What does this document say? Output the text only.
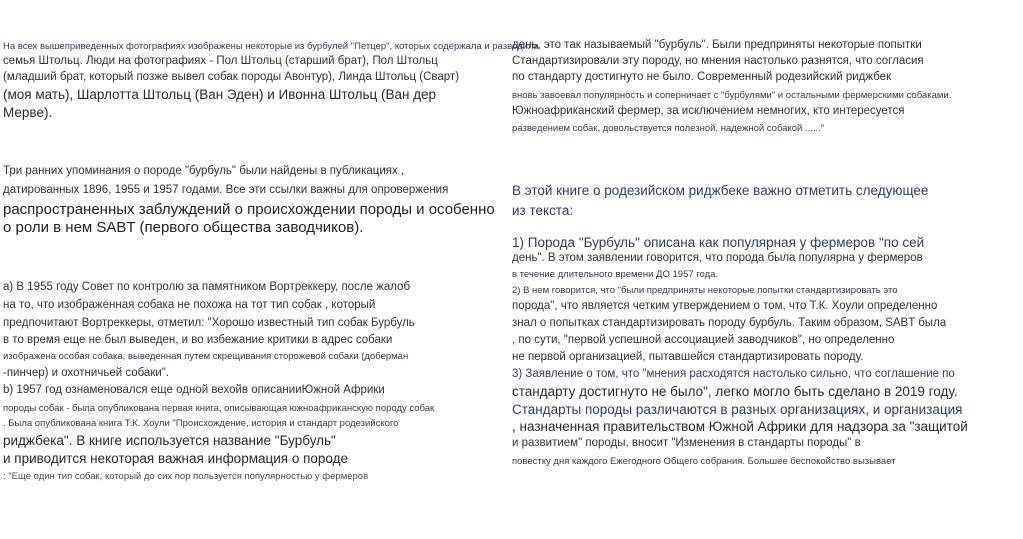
На всех вышеприведенных фотографиях изображены некоторые из бурбулей "Петцер", которых содержала и разводила
семья Штольц. Люди на фотографиях - Пол Штольц (старший брат), Пол Штольц
(младший брат, который позже вывел собак породы Авонтур), Линда Штольц (Сварт)
(моя мать), Шарлотта Штольц (Ван Эден) и Ивонна Штольц (Ван дер
Мерве).
Три ранних упоминания о породе "бурбуль" были найдены в публикациях ,
датированных 1896, 1955 и 1957 годами. Все эти ссылки важны для опровержения
распространенных заблуждений о происхождении породы и особенно
о роли в нем SABT (первого общества заводчиков).
a) В 1955 году Совет по контролю за памятником Вортреккеру, после жалоб
на то, что изображенная собака не похожа на тот тип собак , который
предпочитают Вортреккеры, отметил: "Хорошо известный тип собак Бурбуль
в то время еще не был выведен, и во избежание критики в адрес собаки
изображена особая собака, выведенная путем скрещивания сторожевой собаки (доберман
-пинчер) и охотничьей собаки".
b) 1957 год ознаменовался еще одной вехойв описанииЮжной Африки
породы собак - была опубликована первая книга, описывающая южноафриканскую породу собак
. Была опубликована книга Т.К. Хоули "Происхождение, история и стандарт родезийского
риджбека". В книге используется название "Бурбуль"
и приводится некоторая важная информация о породе
: "Еще один тип собак, который до сих пор пользуется популярностью у фермеров
день, это так называемый "бурбуль". Были предприняты некоторые попытки
Стандартизировали эту породу, но мнения настолько разнятся, что согласия
по стандарту достигнуто не было. Современный родезийский риджбек
вновь завоевал популярность и соперничает с "бурбулями" и остальными фермерскими собаками.
Южноафриканский фермер, за исключением немногих, кто интересуется
разведением собак, довольствуется полезной, надежной собакой ......"
В этой книге о родезийском риджбеке важно отметить следующее
из текста:
1) Порода "Бурбуль" описана как популярная у фермеров "по сей
день". В этом заявлении говорится, что порода была популярна у фермеров
в течение длительного времени ДО 1957 года.
2) В нем говорится, что "были предприняты некоторые попытки стандартизировать это
порода", что является четким утверждением о том, что Т.К. Хоули определенно
знал о попытках стандартизировать породу бурбуль. Таким образом, SABT была
, по сути, "первой успешной ассоциацией заводчиков", но определенно
не первой организацией, пытавшейся стандартизировать породу.
3) Заявление о том, что "мнения расходятся настолько сильно, что соглашение по
стандарту достигнуто не было", легко могло быть сделано в 2019 году.
Стандарты породы различаются в разных организациях, и организация
, назначенная правительством Южной Африки для надзора за "защитой
и развитием" породы, вносит "Изменения в стандарты породы" в
повестку дня каждого Ежегодного Общего собрания. Большее беспокойство вызывает
